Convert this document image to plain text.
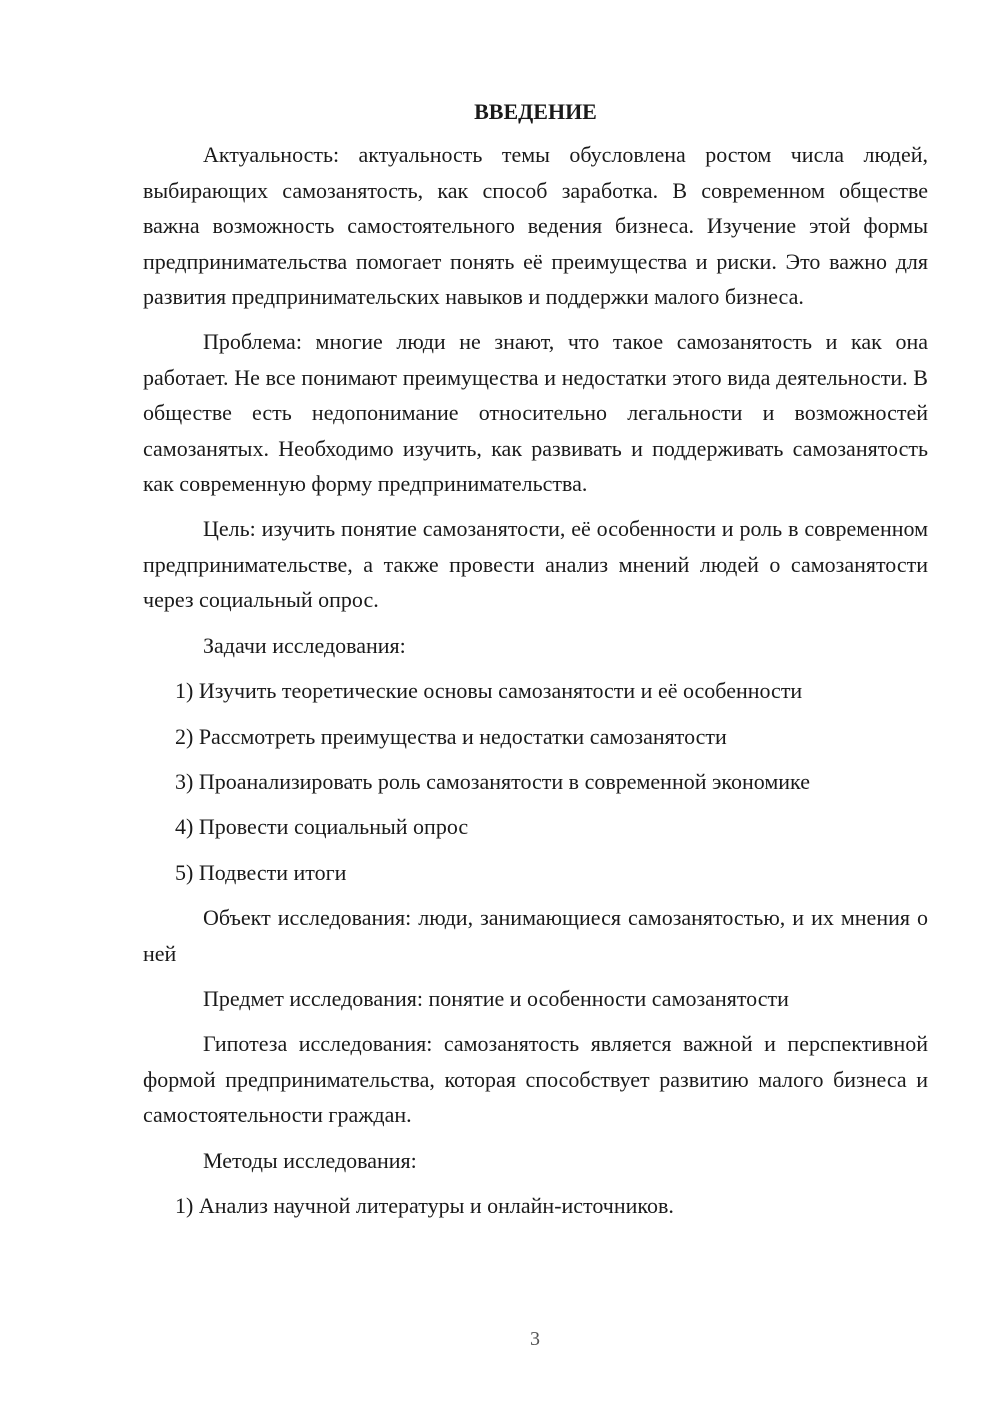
ВВЕДЕНИЕ

Актуальность: актуальность темы обусловлена ростом числа людей, выбирающих самозанятость, как способ заработка. В современном обществе важна возможность самостоятельного ведения бизнеса. Изучение этой формы предпринимательства помогает понять её преимущества и риски. Это важно для развития предпринимательских навыков и поддержки малого бизнеса.

Проблема: многие люди не знают, что такое самозанятость и как она работает. Не все понимают преимущества и недостатки этого вида деятельности. В обществе есть недопонимание относительно легальности и возможностей самозанятых. Необходимо изучить, как развивать и поддерживать самозанятость как современную форму предпринимательства.

Цель: изучить понятие самозанятости, её особенности и роль в современном предпринимательстве, а также провести анализ мнений людей о самозанятости через социальный опрос.

Задачи исследования:

1) Изучить теоретические основы самозанятости и её особенности
2) Рассмотреть преимущества и недостатки самозанятости
3) Проанализировать роль самозанятости в современной экономике
4) Провести социальный опрос
5) Подвести итоги

Объект исследования: люди, занимающиеся самозанятостью, и их мнения о ней

Предмет исследования: понятие и особенности самозанятости

Гипотеза исследования: самозанятость является важной и перспективной формой предпринимательства, которая способствует развитию малого бизнеса и самостоятельности граждан.

Методы исследования:

1) Анализ научной литературы и онлайн-источников.
3
